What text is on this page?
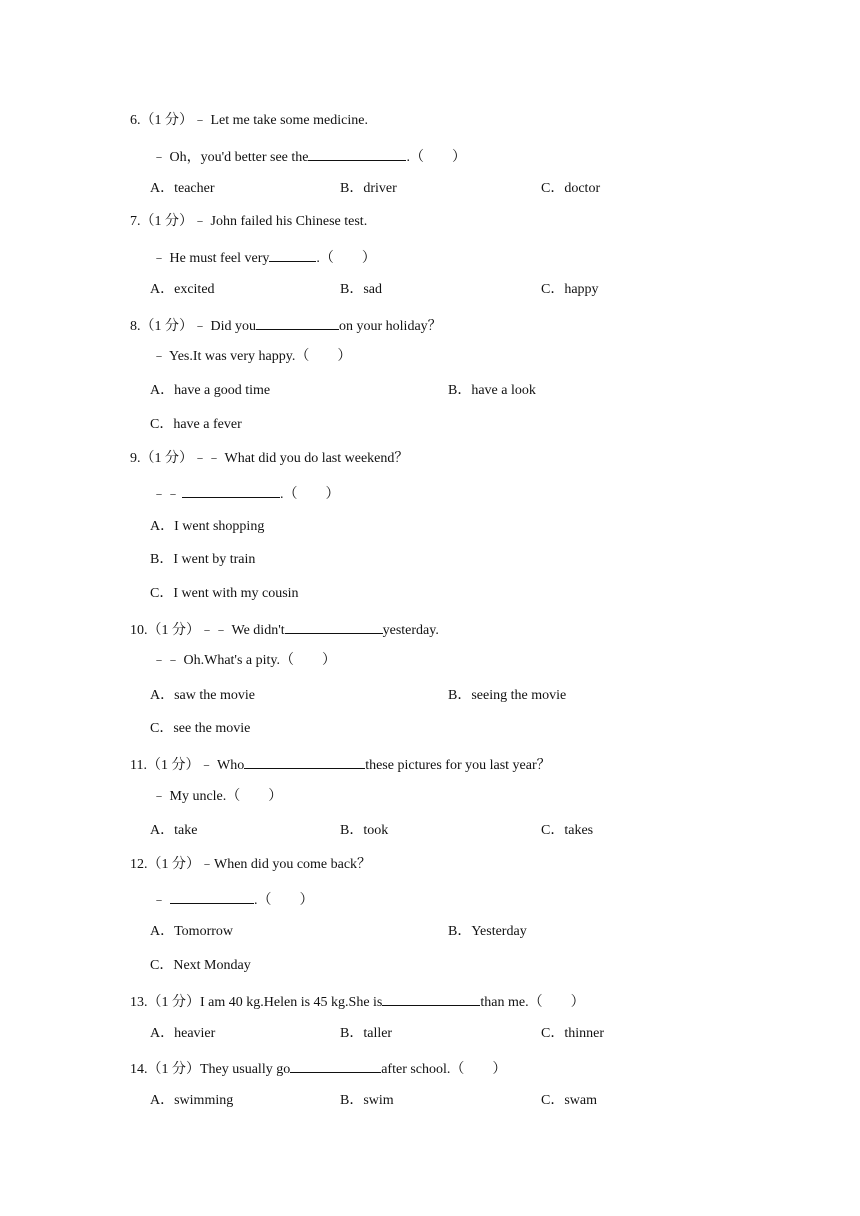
6.（1 分）﹣ Let me take some medicine.
﹣ Oh，you'd better see the	.（　　）
A．teacher	B．driver	C．doctor
7.（1 分）﹣ John failed his Chinese test.
﹣ He must feel very	.（　　）
A．excited	B．sad	C．happy
8.（1 分）﹣ Did you	on your holiday？
﹣ Yes.It was very happy.（　　）
A．have a good time	B．have a look
C．have a fever
9.（1 分）﹣﹣ What did you do last weekend？
﹣﹣	.（　　）
A．I went shopping
B．I went by train
C．I went with my cousin
10.（1 分）﹣﹣ We didn't	yesterday.
﹣﹣ Oh.What's a pity.（　　）
A．saw the movie	B．seeing the movie
C．see the movie
11.（1 分）﹣ Who	these pictures for you last year？
﹣ My uncle.（　　）
A．take	B．took	C．takes
12.（1 分）﹣When did you come back？
﹣	.（　　）
A．Tomorrow	B．Yesterday
C．Next Monday
13.（1 分）I am 40 kg.Helen is 45 kg.She is	than me.（　　）
A．heavier	B．taller	C．thinner
14.（1 分）They usually go	after school.（　　）
A．swimming	B．swim	C．swam
